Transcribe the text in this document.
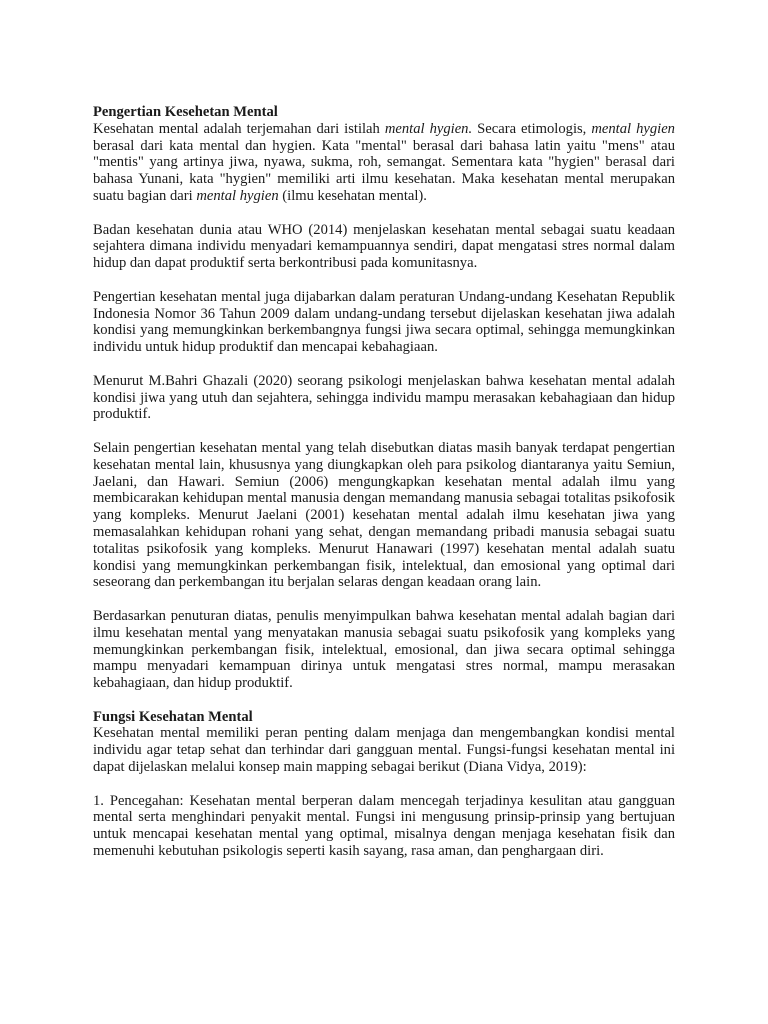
Pengertian Kesehetan Mental

Kesehatan mental adalah terjemahan dari istilah mental hygien. Secara etimologis, mental hygien berasal dari kata mental dan hygien. Kata "mental" berasal dari bahasa latin yaitu "mens" atau "mentis" yang artinya jiwa, nyawa, sukma, roh, semangat. Sementara kata "hygien" berasal dari bahasa Yunani, kata "hygien" memiliki arti ilmu kesehatan. Maka kesehatan mental merupakan suatu bagian dari mental hygien (ilmu kesehatan mental).

Badan kesehatan dunia atau WHO (2014) menjelaskan kesehatan mental sebagai suatu keadaan sejahtera dimana individu menyadari kemampuannya sendiri, dapat mengatasi stres normal dalam hidup dan dapat produktif serta berkontribusi pada komunitasnya.

Pengertian kesehatan mental juga dijabarkan dalam peraturan Undang-undang Kesehatan Republik Indonesia Nomor 36 Tahun 2009 dalam undang-undang tersebut dijelaskan kesehatan jiwa adalah kondisi yang memungkinkan berkembangnya fungsi jiwa secara optimal, sehingga memungkinkan individu untuk hidup produktif dan mencapai kebahagiaan.

Menurut M.Bahri Ghazali (2020) seorang psikologi menjelaskan bahwa kesehatan mental adalah kondisi jiwa yang utuh dan sejahtera, sehingga individu mampu merasakan kebahagiaan dan hidup produktif.

Selain pengertian kesehatan mental yang telah disebutkan diatas masih banyak terdapat pengertian kesehatan mental lain, khususnya yang diungkapkan oleh para psikolog diantaranya yaitu Semiun, Jaelani, dan Hawari. Semiun (2006) mengungkapkan kesehatan mental adalah ilmu yang membicarakan kehidupan mental manusia dengan memandang manusia sebagai totalitas psikofosik yang kompleks. Menurut Jaelani (2001) kesehatan mental adalah ilmu kesehatan jiwa yang memasalahkan kehidupan rohani yang sehat, dengan memandang pribadi manusia sebagai suatu totalitas psikofosik yang kompleks. Menurut Hanawari (1997) kesehatan mental adalah suatu kondisi yang memungkinkan perkembangan fisik, intelektual, dan emosional yang optimal dari seseorang dan perkembangan itu berjalan selaras dengan keadaan orang lain.

Berdasarkan penuturan diatas, penulis menyimpulkan bahwa kesehatan mental adalah bagian dari ilmu kesehatan mental yang menyatakan manusia sebagai suatu psikofosik yang kompleks yang memungkinkan perkembangan fisik, intelektual, emosional, dan jiwa secara optimal sehingga mampu menyadari kemampuan dirinya untuk mengatasi stres normal, mampu merasakan kebahagiaan, dan hidup produktif.

Fungsi Kesehatan Mental

Kesehatan mental memiliki peran penting dalam menjaga dan mengembangkan kondisi mental individu agar tetap sehat dan terhindar dari gangguan mental. Fungsi-fungsi kesehatan mental ini dapat dijelaskan melalui konsep main mapping sebagai berikut (Diana Vidya, 2019):

1. Pencegahan: Kesehatan mental berperan dalam mencegah terjadinya kesulitan atau gangguan mental serta menghindari penyakit mental. Fungsi ini mengusung prinsip-prinsip yang bertujuan untuk mencapai kesehatan mental yang optimal, misalnya dengan menjaga kesehatan fisik dan memenuhi kebutuhan psikologis seperti kasih sayang, rasa aman, dan penghargaan diri.
